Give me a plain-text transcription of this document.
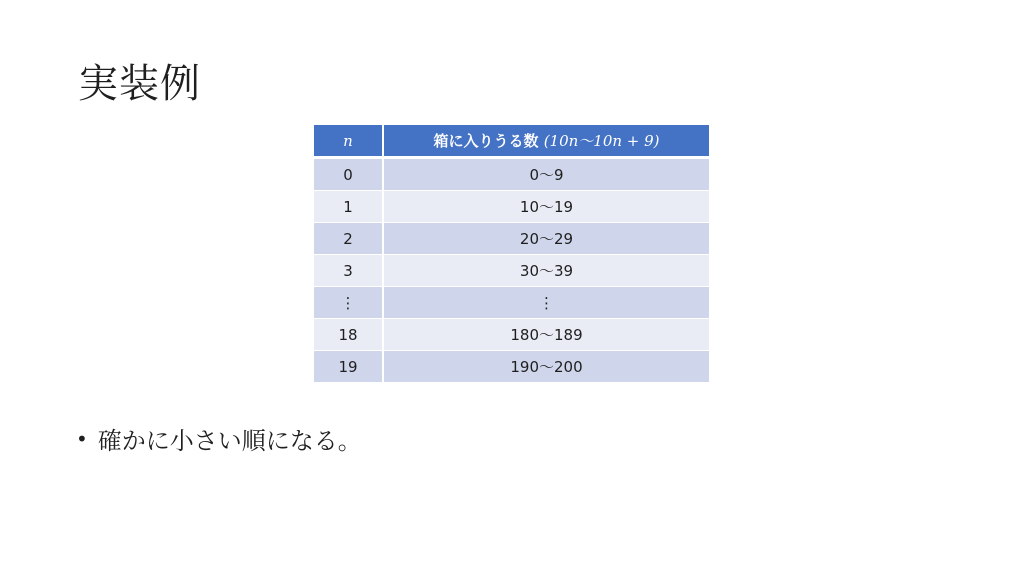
実装例
n	箱に入りうる数 (10n～10n + 9)
0	0～9
1	10～19
2	20～29
3	30～39
⋮	⋮
18	180～189
19	190～200
• 確かに小さい順になる。
